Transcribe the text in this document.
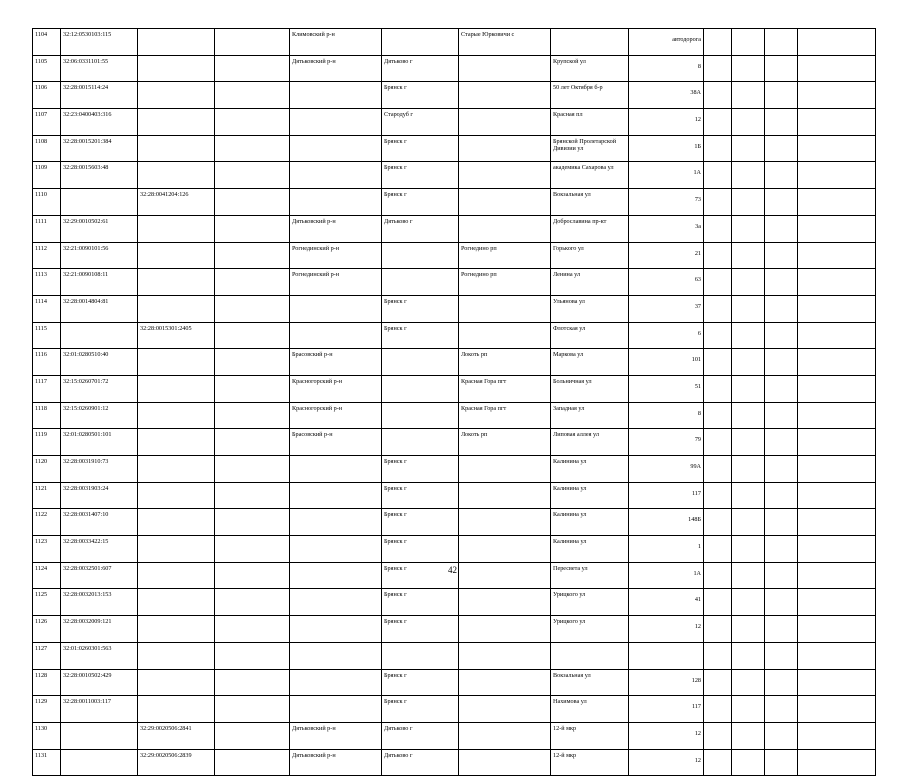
1104	32:12:0530103:115			Климовский р-н		Старые Юрковичи с		автодорога				
1105	32:06:0331101:55			Дятьковский р-н	Дятьково г		Крупской ул	8				
1106	32:28:0015114:24				Брянск г		50 лет Октября б-р	38А				
1107	32:23:0400403:316				Стародуб г		Красная пл	12				
1108	32:28:0015201:384				Брянск г		Брянской Пролетарской Дивизии ул	1Б				
1109	32:28:0015603:48				Брянск г		академика Сахарова ул	1А				
1110		32:28:0041204:126			Брянск г		Вокзальная ул	73				
1111	32:29:0010502:61			Дятьковский р-н	Дятьково г		Доброславина пр-кт	3а				
1112	32:21:0090101:56			Рогнединский р-н		Рогнедино рп	Горького ул	21				
1113	32:21:0090108:11			Рогнединский р-н		Рогнедино рп	Ленина ул	63				
1114	32:28:0014804:81				Брянск г		Ульянова ул	37				
1115		32:28:0015301:2405			Брянск г		Флотская ул	6				
1116	32:01:0280510:40			Брасовский р-н		Локоть рп	Маркова ул	101				
1117	32:15:0260701:72			Красногорский р-н		Красная Гора пгт	Больничная ул	51				
1118	32:15:0260901:12			Красногорский р-н		Красная Гора пгт	Западная ул	8				
1119	32:01:0280501:101			Брасовский р-н		Локоть рп	Липовая аллея ул	79				
1120	32:28:0031910:73				Брянск г		Калинина ул	99А				
1121	32:28:0031903:24				Брянск г		Калинина ул	117				
1122	32:28:0031407:10				Брянск г		Калинина ул	148Б				
1123	32:28:0033422:15				Брянск г		Калинина ул	1				
1124	32:28:0032501:607				Брянск г		Пересвета ул	1А				
1125	32:28:0032013:153				Брянск г		Урицкого ул	41				
1126	32:28:0032009:121				Брянск г		Урицкого ул	12				
1127	32:01:0260301:563											
1128	32:28:0010502:429				Брянск г		Вокзальная ул	128				
1129	32:28:0011003:117				Брянск г		Нахимова ул	117				
1130		32:29:0020506:2841		Дятьковский р-н	Дятьково г		12-й мкр	12				
1131		32:29:0020506:2839		Дятьковский р-н	Дятьково г		12-й мкр	12				
42
